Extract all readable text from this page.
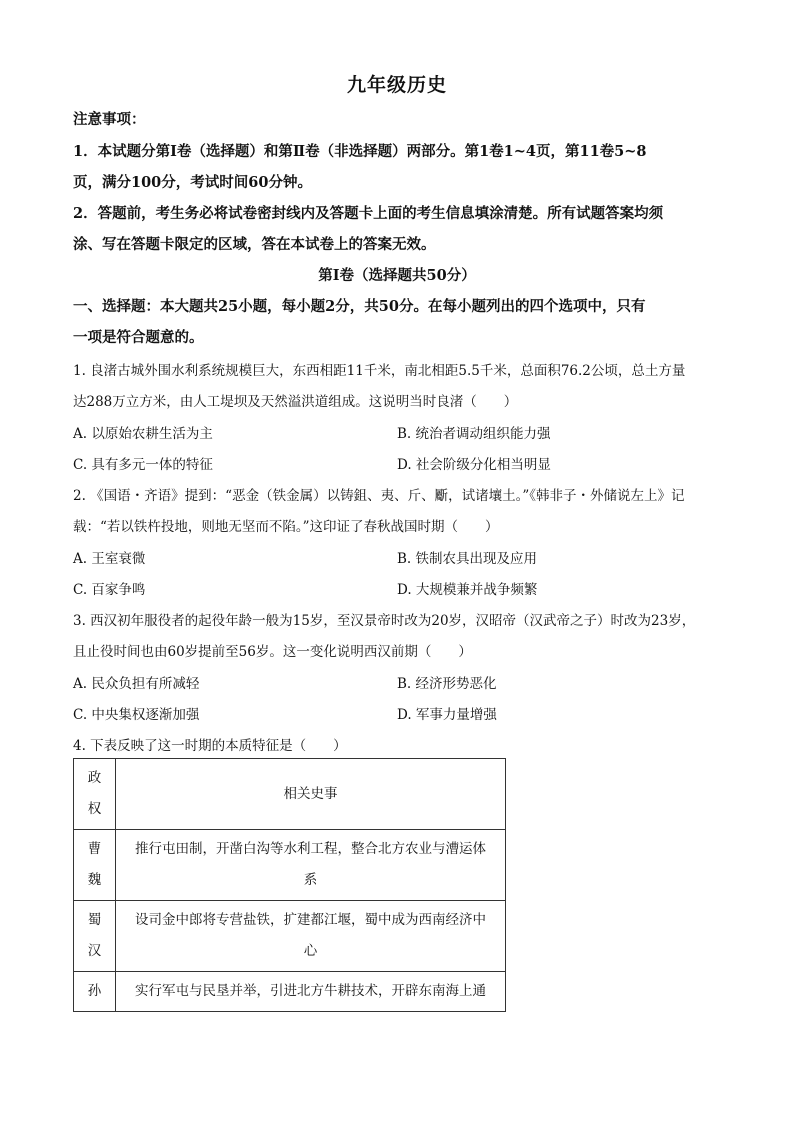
九年级历史
注意事项：
1．本试题分第Ⅰ卷（选择题）和第Ⅱ卷（非选择题）两部分。第1卷1~4页，第11卷5~8
页，满分100分，考试时间60分钟。
2．答题前，考生务必将试卷密封线内及答题卡上面的考生信息填涂清楚。所有试题答案均须
涂、写在答题卡限定的区域，答在本试卷上的答案无效。
第Ⅰ卷（选择题共50分）
一、选择题：本大题共25小题，每小题2分，共50分。在每小题列出的四个选项中，只有
一项是符合题意的。
1. 良渚古城外围水利系统规模巨大，东西相距11千米，南北相距5.5千米，总面积76.2公顷，总土方量
达288万立方米，由人工堤坝及天然溢洪道组成。这说明当时良渚（　　）
A. 以原始农耕生活为主	B. 统治者调动组织能力强
C. 具有多元一体的特征	D. 社会阶级分化相当明显
2. 《国语・齐语》提到：“恶金（铁金属）以铸鉏、夷、斤、斸，试诸壤土。”《韩非子・外储说左上》记
载：“若以铁杵投地，则地无坚而不陷。”这印证了春秋战国时期（　　）
A. 王室衰微	B. 铁制农具出现及应用
C. 百家争鸣	D. 大规模兼并战争频繁
3. 西汉初年服役者的起役年龄一般为15岁，至汉景帝时改为20岁，汉昭帝（汉武帝之子）时改为23岁，
且止役时间也由60岁提前至56岁。这一变化说明西汉前期（　　）
A. 民众负担有所减轻	B. 经济形势恶化
C. 中央集权逐渐加强	D. 军事力量增强
4. 下表反映了这一时期的本质特征是（　　）
政
权	相关史事
曹
魏	推行屯田制，开凿白沟等水利工程，整合北方农业与漕运体
系
蜀
汉	设司金中郎将专营盐铁，扩建都江堰，蜀中成为西南经济中
心
孙	实行军屯与民垦并举，引进北方牛耕技术，开辟东南海上通
